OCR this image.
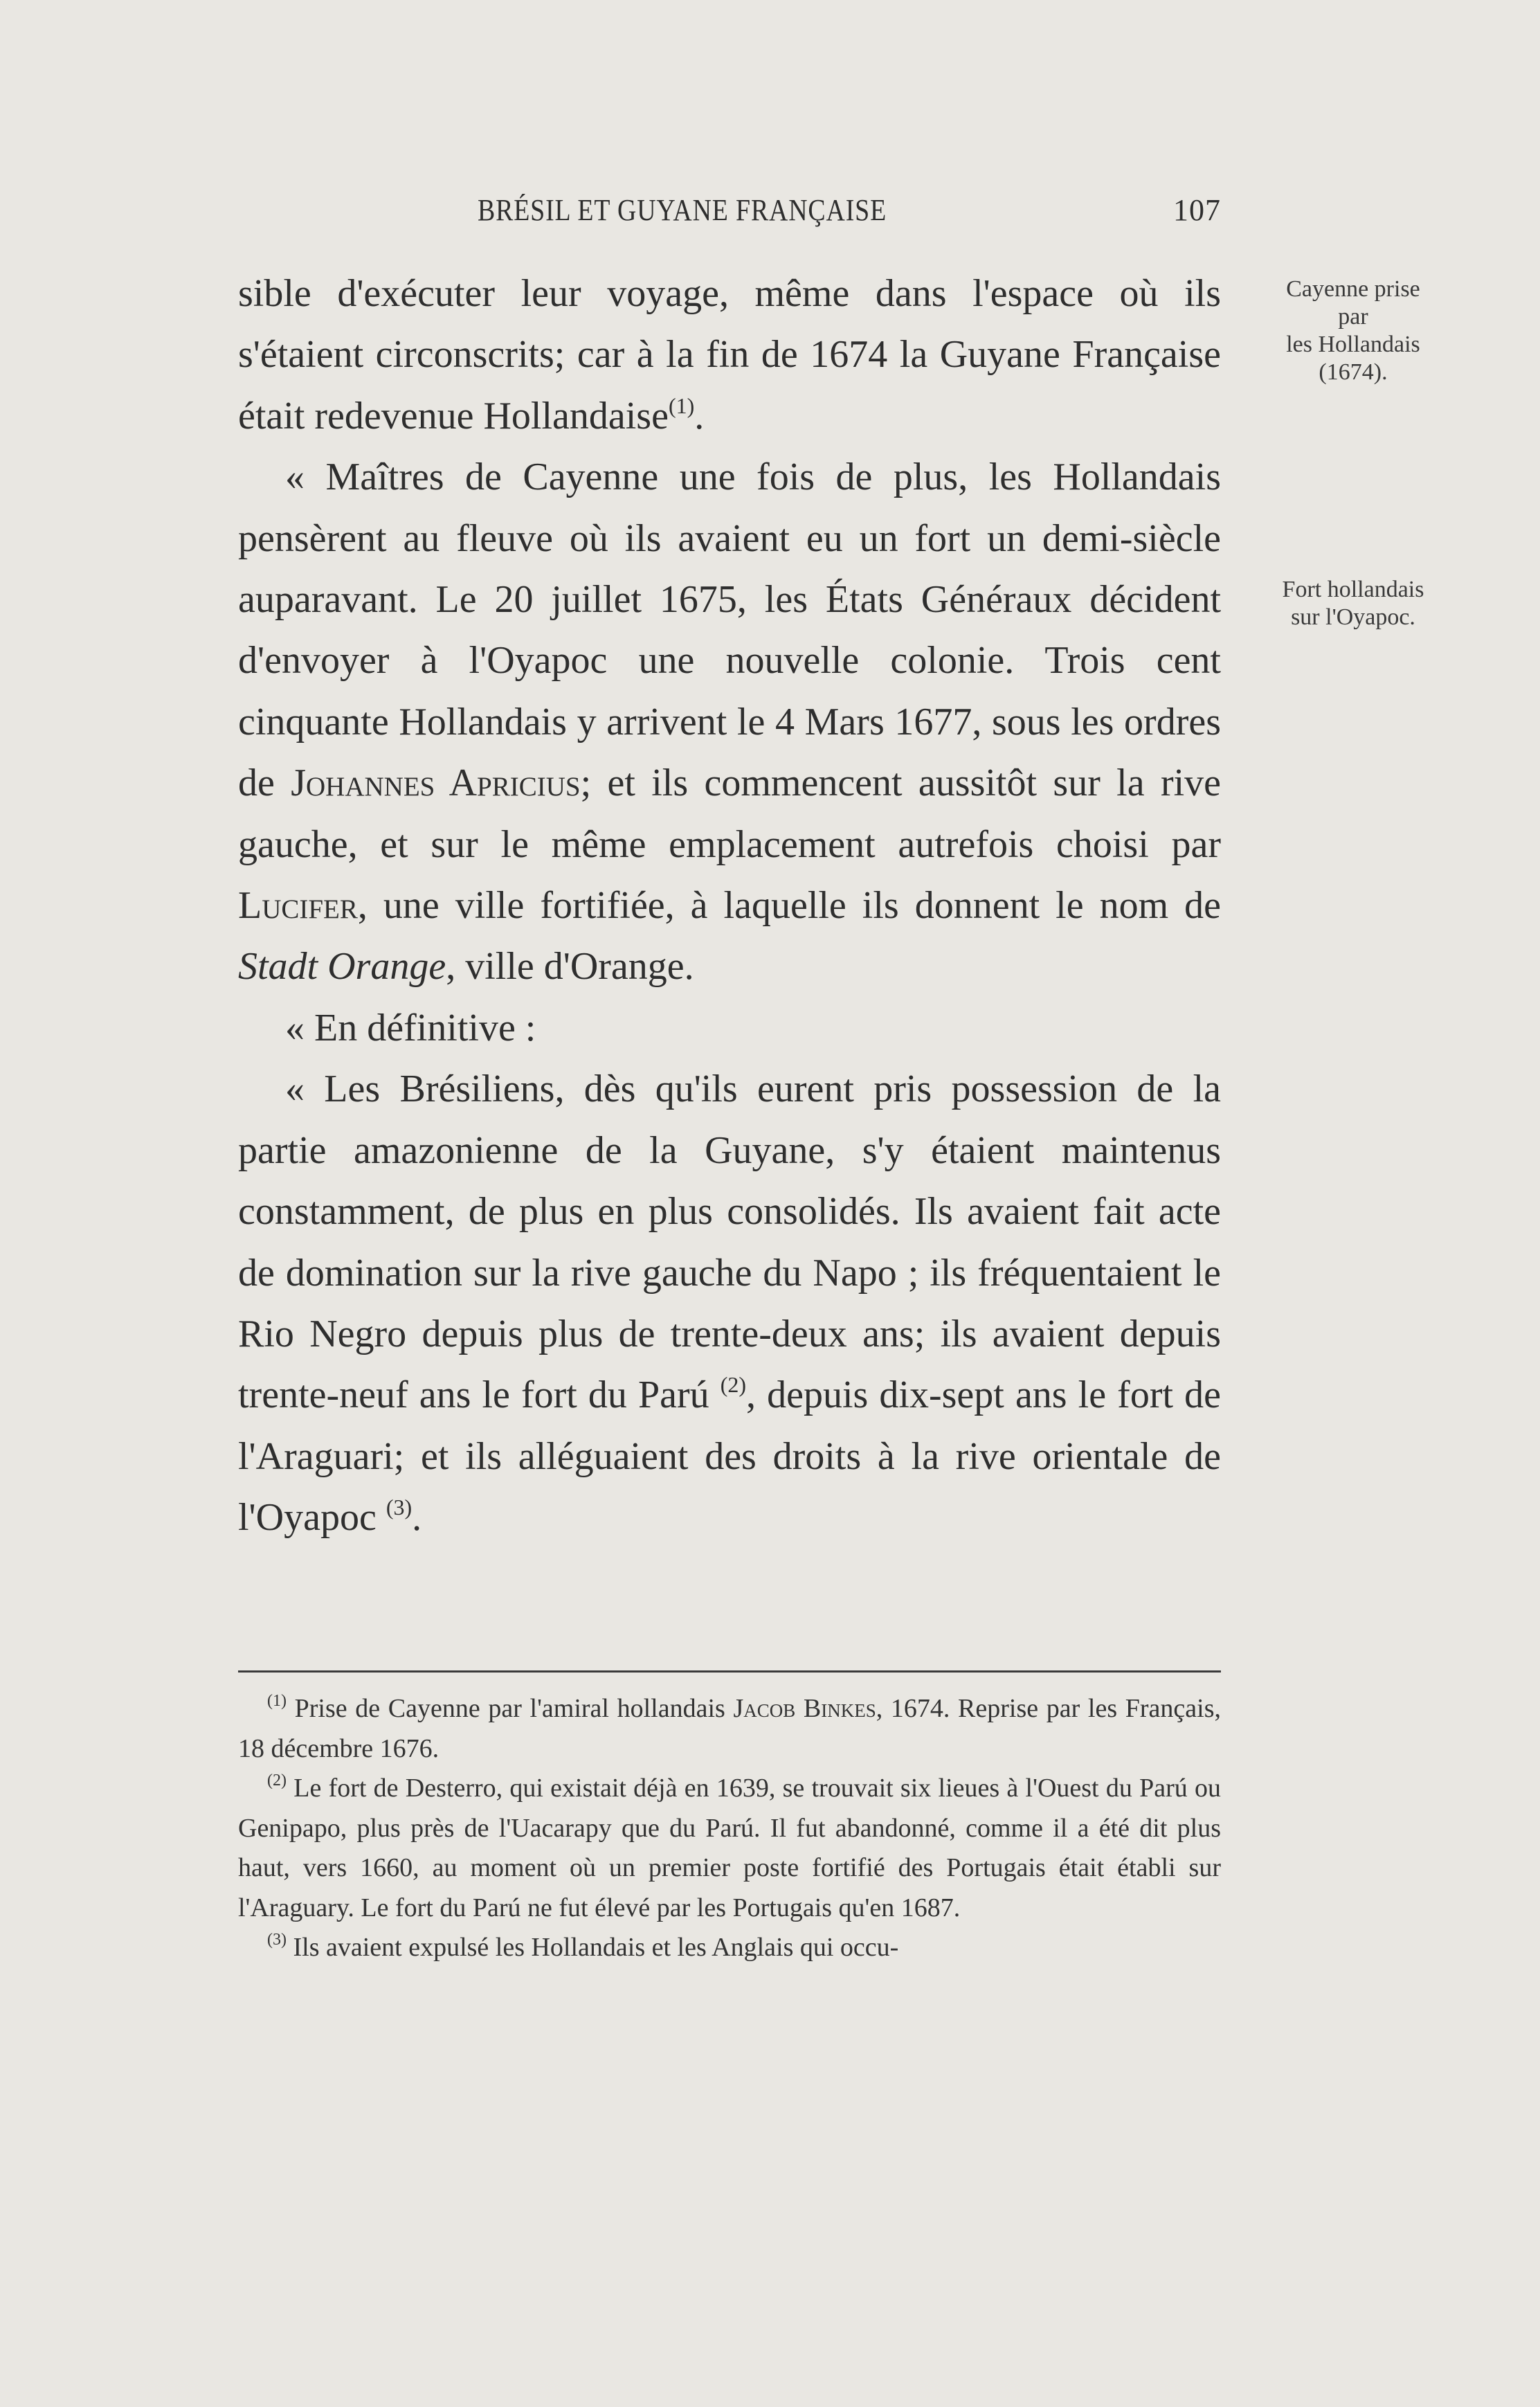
BRÉSIL ET GUYANE FRANÇAISE	107

sible d'exécuter leur voyage, même dans l'espace où ils s'étaient circonscrits; car à la fin de 1674 la Guyane Française était redevenue Hollandaise$^{(1)}$.

« Maîtres de Cayenne une fois de plus, les Hollandais pensèrent au fleuve où ils avaient eu un fort un demi-siècle auparavant. Le 20 juillet 1675, les États Généraux décident d'envoyer à l'Oyapoc une nouvelle colonie. Trois cent cinquante Hollandais y arrivent le 4 Mars 1677, sous les ordres de Johannes Apricius; et ils commencent aussitôt sur la rive gauche, et sur le même emplacement autrefois choisi par Lucifer, une ville fortifiée, à laquelle ils donnent le nom de Stadt Orange, ville d'Orange.

« En définitive :

« Les Brésiliens, dès qu'ils eurent pris possession de la partie amazonienne de la Guyane, s'y étaient maintenus constamment, de plus en plus consolidés. Ils avaient fait acte de domination sur la rive gauche du Napo ; ils fréquentaient le Rio Negro depuis plus de trente-deux ans; ils avaient depuis trente-neuf ans le fort du Parú $^{(2)}$, depuis dix-sept ans le fort de l'Araguari; et ils alléguaient des droits à la rive orientale de l'Oyapoc $^{(3)}$.

Cayenne prise
par
les Hollandais
(1674).
Fort hollandais
sur l'Oyapoc.

$^{(1)}$ Prise de Cayenne par l'amiral hollandais Jacob Binkes, 1674. Reprise par les Français, 18 décembre 1676.

$^{(2)}$ Le fort de Desterro, qui existait déjà en 1639, se trouvait six lieues à l'Ouest du Parú ou Genipapo, plus près de l'Uacarapy que du Parú. Il fut abandonné, comme il a été dit plus haut, vers 1660, au moment où un premier poste fortifié des Portugais était établi sur l'Araguary. Le fort du Parú ne fut élevé par les Portugais qu'en 1687.

$^{(3)}$ Ils avaient expulsé les Hollandais et les Anglais qui occu-
